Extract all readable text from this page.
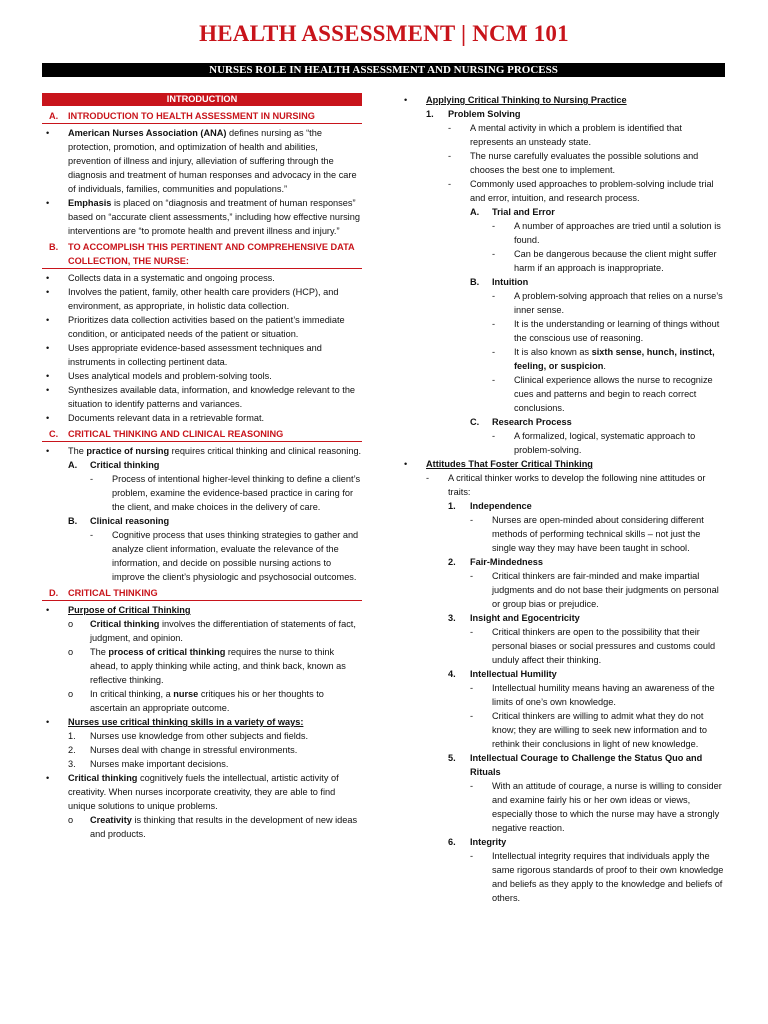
HEALTH ASSESSMENT | NCM 101
NURSES ROLE IN HEALTH ASSESSMENT AND NURSING PROCESS
INTRODUCTION
A.	INTRODUCTION TO HEALTH ASSESSMENT IN NURSING
•	American Nurses Association (ANA) defines nursing as “the protection, promotion, and optimization of health and abilities, prevention of illness and injury, alleviation of suffering through the diagnosis and treatment of human responses and advocacy in the care of individuals, families, communities and populations.”
•	Emphasis is placed on “diagnosis and treatment of human responses” based on “accurate client assessments,” including how effective nursing interventions are “to promote health and prevent illness and injury.”
B.	TO ACCOMPLISH THIS PERTINENT AND COMPREHENSIVE DATA COLLECTION, THE NURSE:
•	Collects data in a systematic and ongoing process.
•	Involves the patient, family, other health care providers (HCP), and environment, as appropriate, in holistic data collection.
•	Prioritizes data collection activities based on the patient’s immediate condition, or anticipated needs of the patient or situation.
•	Uses appropriate evidence-based assessment techniques and instruments in collecting pertinent data.
•	Uses analytical models and problem-solving tools.
•	Synthesizes available data, information, and knowledge relevant to the situation to identify patterns and variances.
•	Documents relevant data in a retrievable format.
C.	CRITICAL THINKING AND CLINICAL REASONING
•	The practice of nursing requires critical thinking and clinical reasoning.
A.	Critical thinking
-	Process of intentional higher-level thinking to define a client’s problem, examine the evidence-based practice in caring for the client, and make choices in the delivery of care.
B.	Clinical reasoning
-	Cognitive process that uses thinking strategies to gather and analyze client information, evaluate the relevance of the information, and decide on possible nursing actions to improve the client’s physiologic and psychosocial outcomes.
D.	CRITICAL THINKING
•	Purpose of Critical Thinking
o	Critical thinking involves the differentiation of statements of fact, judgment, and opinion.
o	The process of critical thinking requires the nurse to think ahead, to apply thinking while acting, and think back, known as reflective thinking.
o	In critical thinking, a nurse critiques his or her thoughts to ascertain an appropriate outcome.
•	Nurses use critical thinking skills in a variety of ways:
1.	Nurses use knowledge from other subjects and fields.
2.	Nurses deal with change in stressful environments.
3.	Nurses make important decisions.
•	Critical thinking cognitively fuels the intellectual, artistic activity of creativity. When nurses incorporate creativity, they are able to find unique solutions to unique problems.
o	Creativity is thinking that results in the development of new ideas and products.
•	Applying Critical Thinking to Nursing Practice
1.	Problem Solving
-	A mental activity in which a problem is identified that represents an unsteady state.
-	The nurse carefully evaluates the possible solutions and chooses the best one to implement.
-	Commonly used approaches to problem-solving include trial and error, intuition, and research process.
A.	Trial and Error
-	A number of approaches are tried until a solution is found.
-	Can be dangerous because the client might suffer harm if an approach is inappropriate.
B.	Intuition
-	A problem-solving approach that relies on a nurse’s inner sense.
-	It is the understanding or learning of things without the conscious use of reasoning.
-	It is also known as sixth sense, hunch, instinct, feeling, or suspicion.
-	Clinical experience allows the nurse to recognize cues and patterns and begin to reach correct conclusions.
C.	Research Process
-	A formalized, logical, systematic approach to problem-solving.
•	Attitudes That Foster Critical Thinking
-	A critical thinker works to develop the following nine attitudes or traits:
1.	Independence
-	Nurses are open-minded about considering different methods of performing technical skills – not just the single way they may have been taught in school.
2.	Fair-Mindedness
-	Critical thinkers are fair-minded and make impartial judgments and do not base their judgments on personal or group bias or prejudice.
3.	Insight and Egocentricity
-	Critical thinkers are open to the possibility that their personal biases or social pressures and customs could unduly affect their thinking.
4.	Intellectual Humility
-	Intellectual humility means having an awareness of the limits of one’s own knowledge.
-	Critical thinkers are willing to admit what they do not know; they are willing to seek new information and to rethink their conclusions in light of new knowledge.
5.	Intellectual Courage to Challenge the Status Quo and Rituals
-	With an attitude of courage, a nurse is willing to consider and examine fairly his or her own ideas or views, especially those to which the nurse may have a strongly negative reaction.
6.	Integrity
-	Intellectual integrity requires that individuals apply the same rigorous standards of proof to their own knowledge and beliefs as they apply to the knowledge and beliefs of others.
